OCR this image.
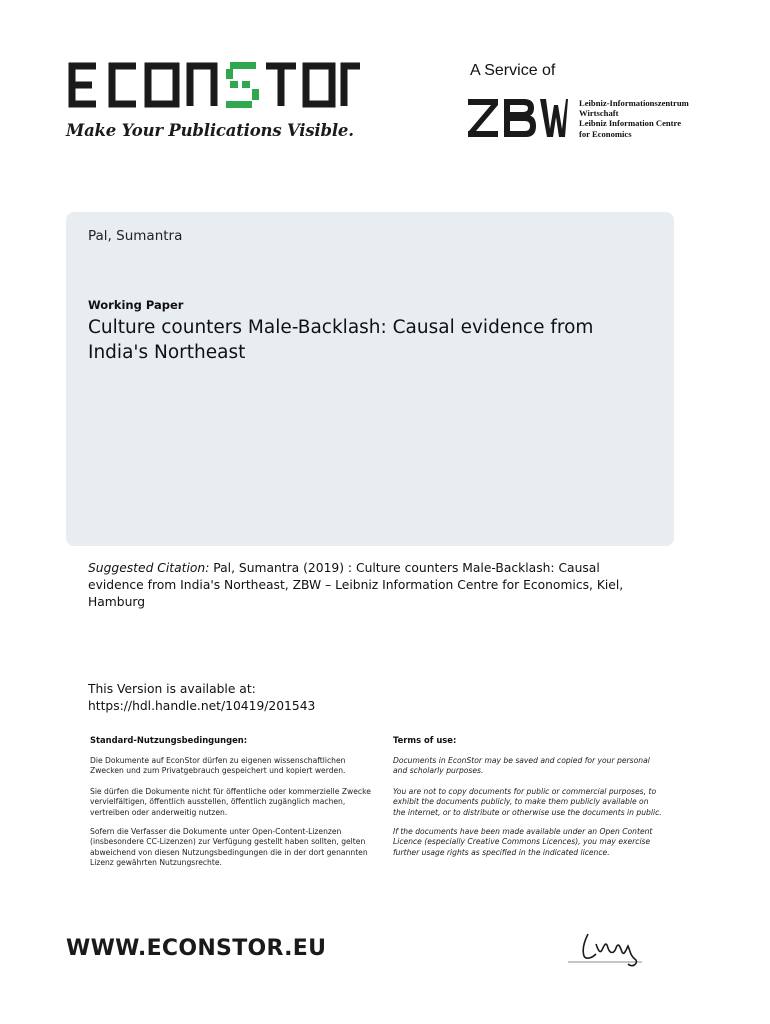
Make Your Publications Visible.
A Service of
Leibniz-Informationszentrum
Wirtschaft
Leibniz Information Centre
for Economics
Pal, Sumantra
Working Paper
Culture counters Male-Backlash: Causal evidence from India's Northeast
Suggested Citation: Pal, Sumantra (2019) : Culture counters Male-Backlash: Causal evidence from India's Northeast, ZBW – Leibniz Information Centre for Economics, Kiel, Hamburg
This Version is available at:
https://hdl.handle.net/10419/201543
Standard-Nutzungsbedingungen:
Die Dokumente auf EconStor dürfen zu eigenen wissenschaftlichen Zwecken und zum Privatgebrauch gespeichert und kopiert werden.
Sie dürfen die Dokumente nicht für öffentliche oder kommerzielle Zwecke vervielfältigen, öffentlich ausstellen, öffentlich zugänglich machen, vertreiben oder anderweitig nutzen.
Sofern die Verfasser die Dokumente unter Open-Content-Lizenzen (insbesondere CC-Lizenzen) zur Verfügung gestellt haben sollten, gelten abweichend von diesen Nutzungsbedingungen die in der dort genannten Lizenz gewährten Nutzungsrechte.
Terms of use:
Documents in EconStor may be saved and copied for your personal and scholarly purposes.
You are not to copy documents for public or commercial purposes, to exhibit the documents publicly, to make them publicly available on the internet, or to distribute or otherwise use the documents in public.
If the documents have been made available under an Open Content Licence (especially Creative Commons Licences), you may exercise further usage rights as specified in the indicated licence.
WWW.ECONSTOR.EU
